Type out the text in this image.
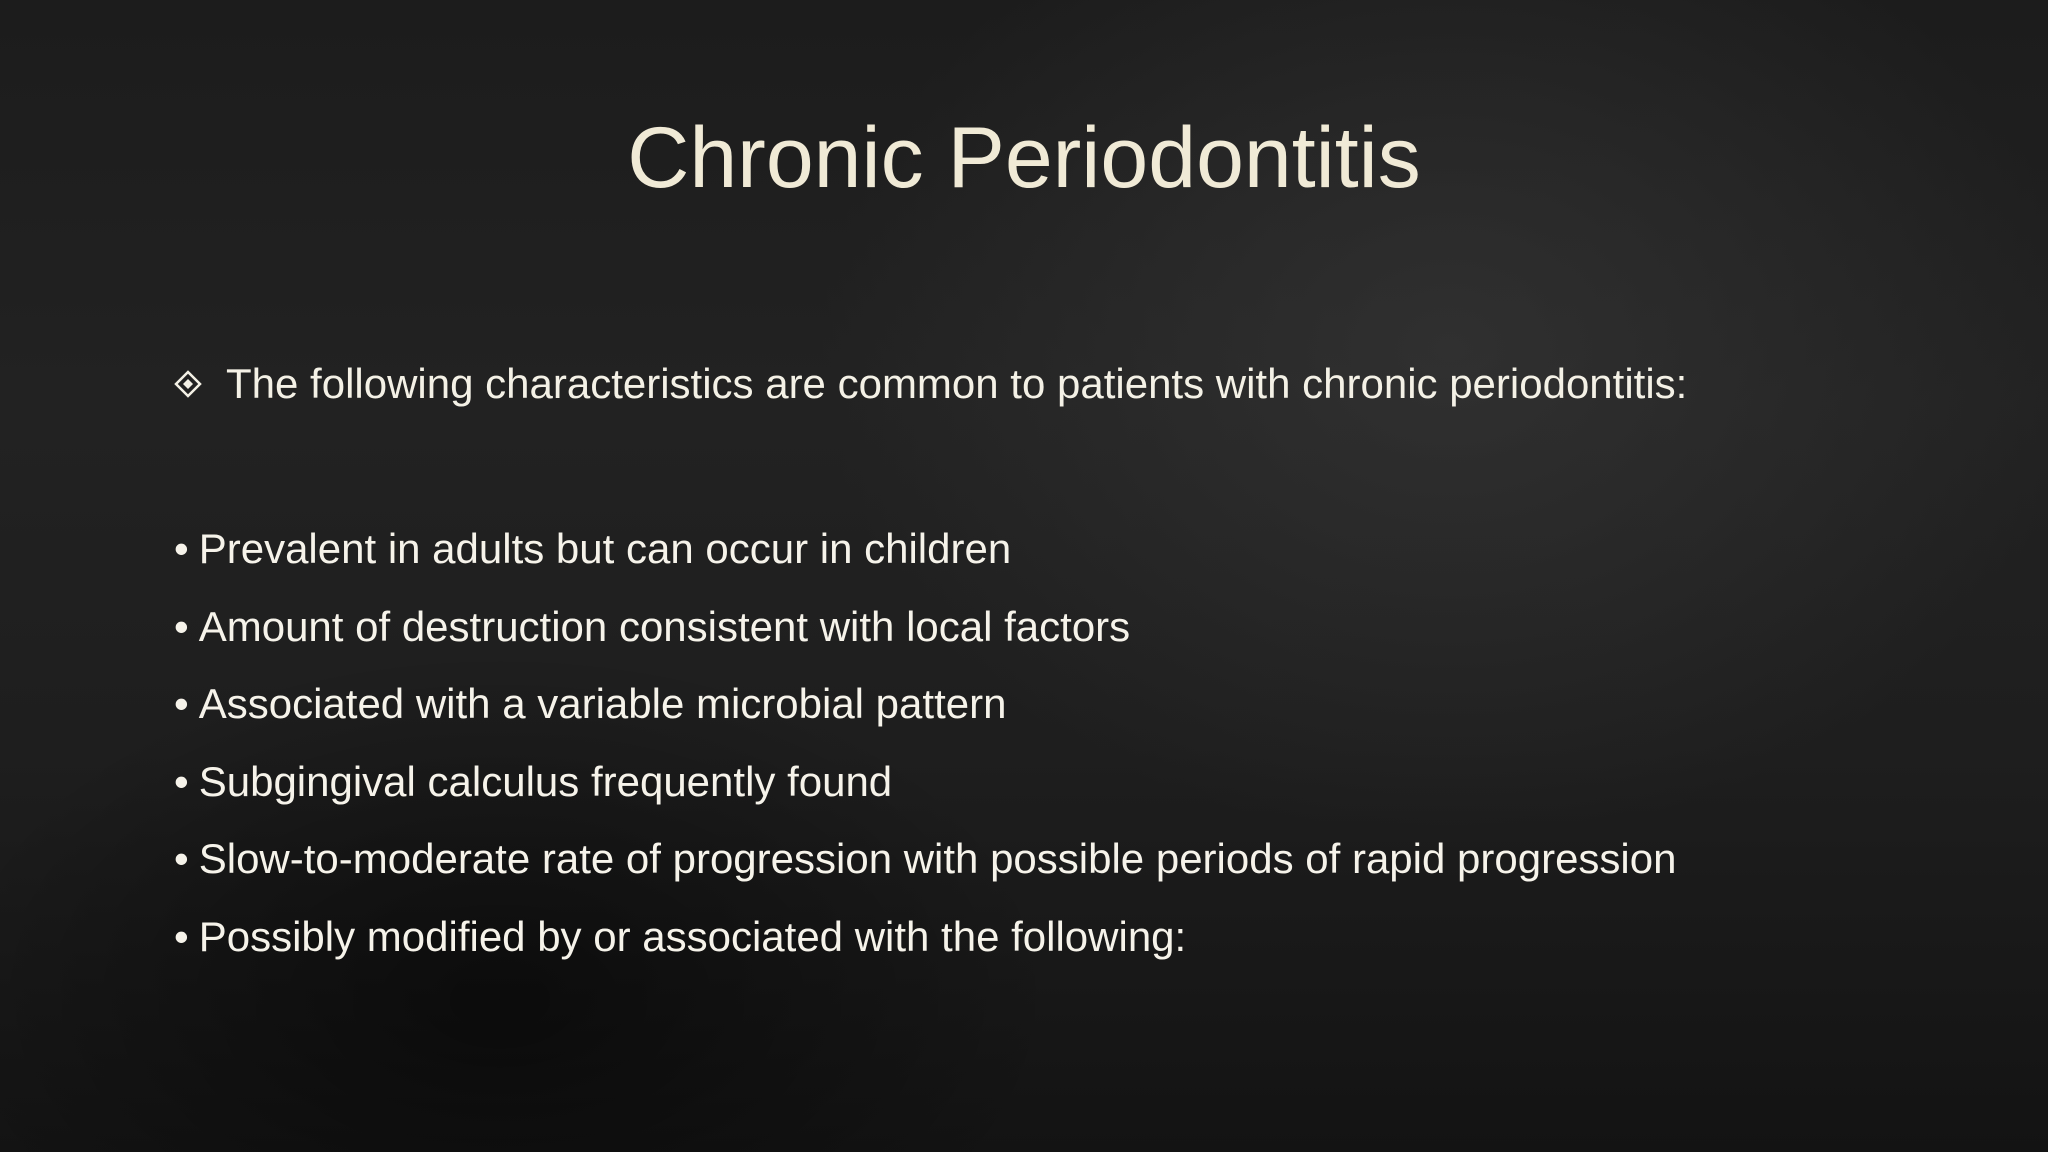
Chronic Periodontitis
The following characteristics are common to patients with chronic periodontitis:
• Prevalent in adults but can occur in children
• Amount of destruction consistent with local factors
• Associated with a variable microbial pattern
• Subgingival calculus frequently found
• Slow-to-moderate rate of progression with possible periods of rapid progression
• Possibly modified by or associated with the following:
